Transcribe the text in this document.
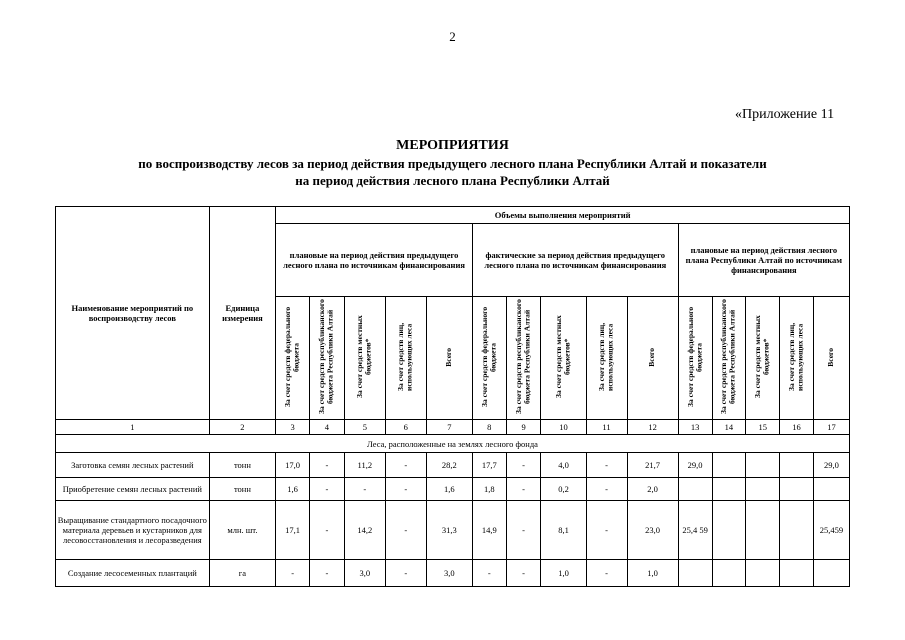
2
«Приложение 11
МЕРОПРИЯТИЯ
по воспроизводству лесов за период действия предыдущего лесного плана Республики Алтай и показатели
на период действия лесного плана Республики Алтай
Наименование мероприятий по воспроизводству лесов	Единица измерения	Объемы выполнения мероприятий														
		плановые на период действия предыдущего лесного плана по источникам финансирования					фактические за период действия предыдущего лесного плана по источникам финансирования					плановые на период действия лесного плана Республики Алтай по источникам финансирования				
		За счет средств федерального бюджета	За счет средств республиканского бюджета Республики Алтай	За счет средств местных бюджетов*	За счет средств лиц, использующих леса	Всего	За счет средств федерального бюджета	За счет средств республиканского бюджета Республики Алтай	За счет средств местных бюджетов*	За счет средств лиц, использующих леса	Всего	За счет средств федерального бюджета	За счет средств республиканского бюджета Республики Алтай	За счет средств местных бюджетов*	За счет средств лиц, использующих леса	Всего
1	2	3	4	5	6	7	8	9	10	11	12	13	14	15	16	17
Леса, расположенные на землях лесного фонда																
Заготовка семян лесных растений	тонн	17,0	-	11,2	-	28,2	17,7	-	4,0	-	21,7	29,0				29,0
Приобретение семян лесных растений	тонн	1,6	-	-	-	1,6	1,8	-	0,2	-	2,0					
Выращивание стандартного посадочного материала деревьев и кустарников для лесовосстановления и лесоразведения	млн. шт.	17,1	-	14,2	-	31,3	14,9	-	8,1	-	23,0	25,4 59				25,459
Создание лесосеменных плантаций	га	-	-	3,0	-	3,0	-	-	1,0	-	1,0					
